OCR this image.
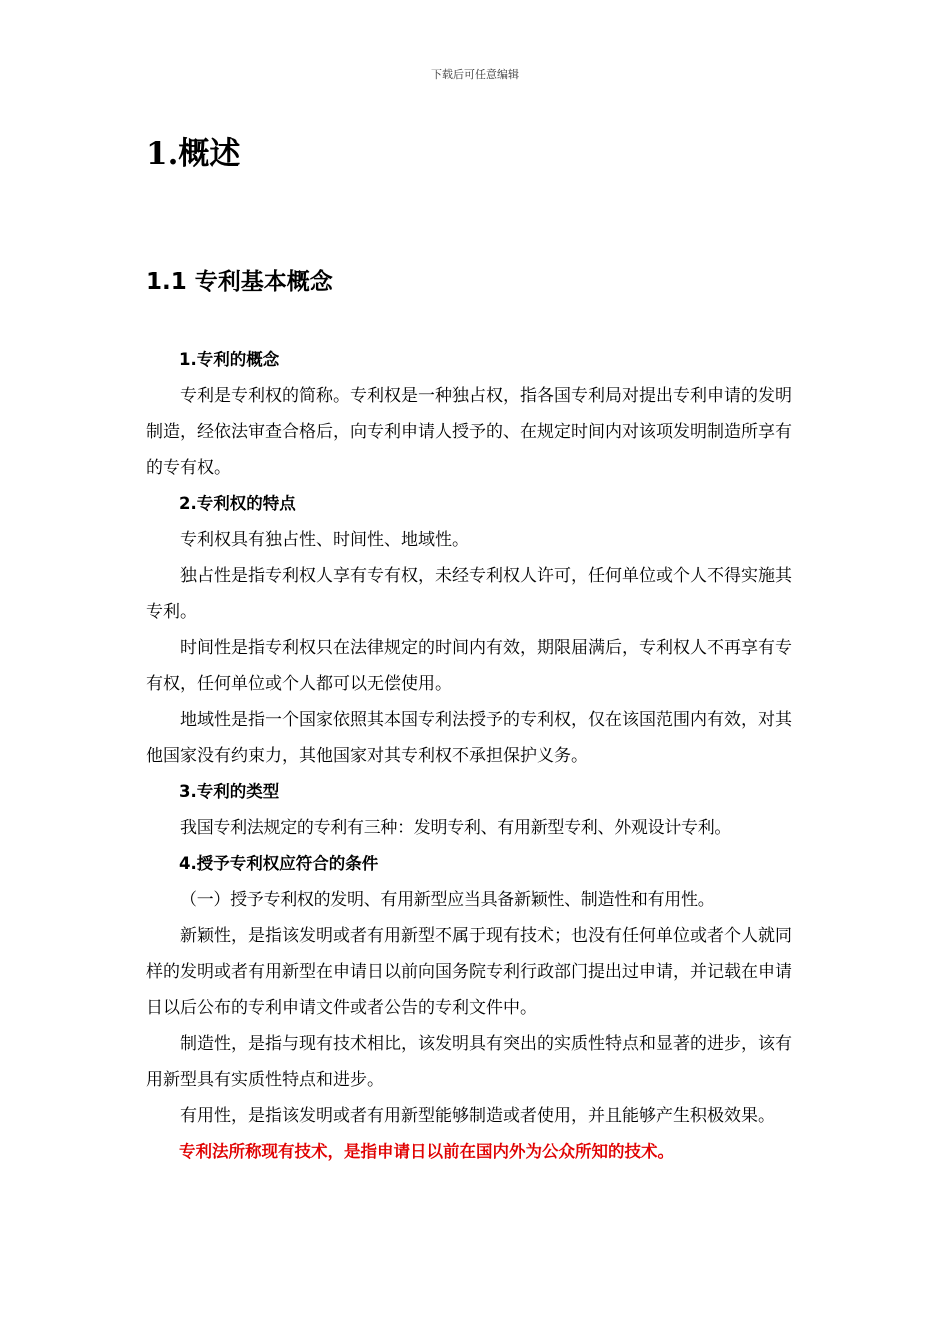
下载后可任意编辑
1.概述
1.1 专利基本概念

1.专利的概念

专利是专利权的简称。专利权是一种独占权，指各国专利局对提出专利申请的发明制造，经依法审查合格后，向专利申请人授予的、在规定时间内对该项发明制造所享有的专有权。

2.专利权的特点

专利权具有独占性、时间性、地域性。

独占性是指专利权人享有专有权，未经专利权人许可，任何单位或个人不得实施其专利。

时间性是指专利权只在法律规定的时间内有效，期限届满后，专利权人不再享有专有权，任何单位或个人都可以无偿使用。

地域性是指一个国家依照其本国专利法授予的专利权，仅在该国范围内有效，对其他国家没有约束力，其他国家对其专利权不承担保护义务。

3.专利的类型

我国专利法规定的专利有三种：发明专利、有用新型专利、外观设计专利。

4.授予专利权应符合的条件

（一）授予专利权的发明、有用新型应当具备新颖性、制造性和有用性。

新颖性，是指该发明或者有用新型不属于现有技术；也没有任何单位或者个人就同样的发明或者有用新型在申请日以前向国务院专利行政部门提出过申请，并记载在申请日以后公布的专利申请文件或者公告的专利文件中。

制造性，是指与现有技术相比，该发明具有突出的实质性特点和显著的进步，该有用新型具有实质性特点和进步。

有用性，是指该发明或者有用新型能够制造或者使用，并且能够产生积极效果。

专利法所称现有技术，是指申请日以前在国内外为公众所知的技术。
